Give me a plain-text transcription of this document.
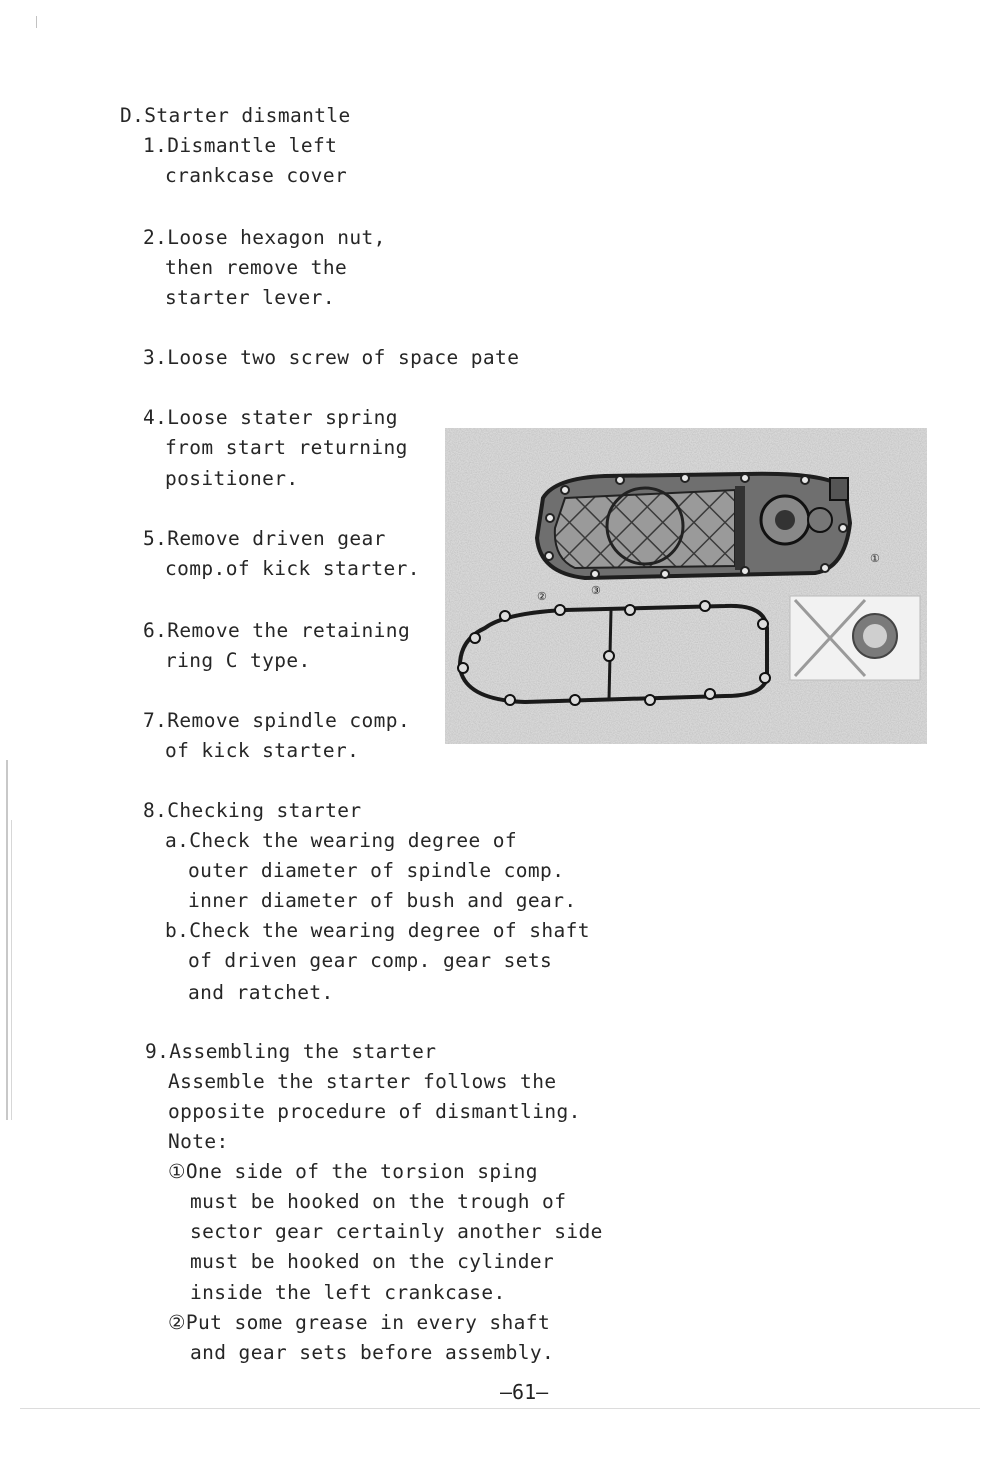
D.Starter dismantle
1.Dismantle left
crankcase cover
2.Loose hexagon nut,
then remove the
starter lever.
3.Loose two screw of space pate
4.Loose stater spring
from start returning
positioner.
5.Remove driven gear
comp.of kick starter.
6.Remove the retaining
ring C type.
7.Remove spindle comp.
of kick starter.
8.Checking starter
a.Check the wearing degree of
outer diameter of spindle comp.
inner diameter of bush and gear.
b.Check the wearing degree of shaft
of driven gear comp. gear sets
and ratchet.
9.Assembling the starter
Assemble the starter follows the
opposite procedure of dismantling.
Note:
①One side of the torsion sping
must be hooked on the trough of
sector gear certainly another side
must be hooked on the cylinder
inside the left crankcase.
②Put some grease in every shaft
and gear sets before assembly.
①
②	③
—61—
